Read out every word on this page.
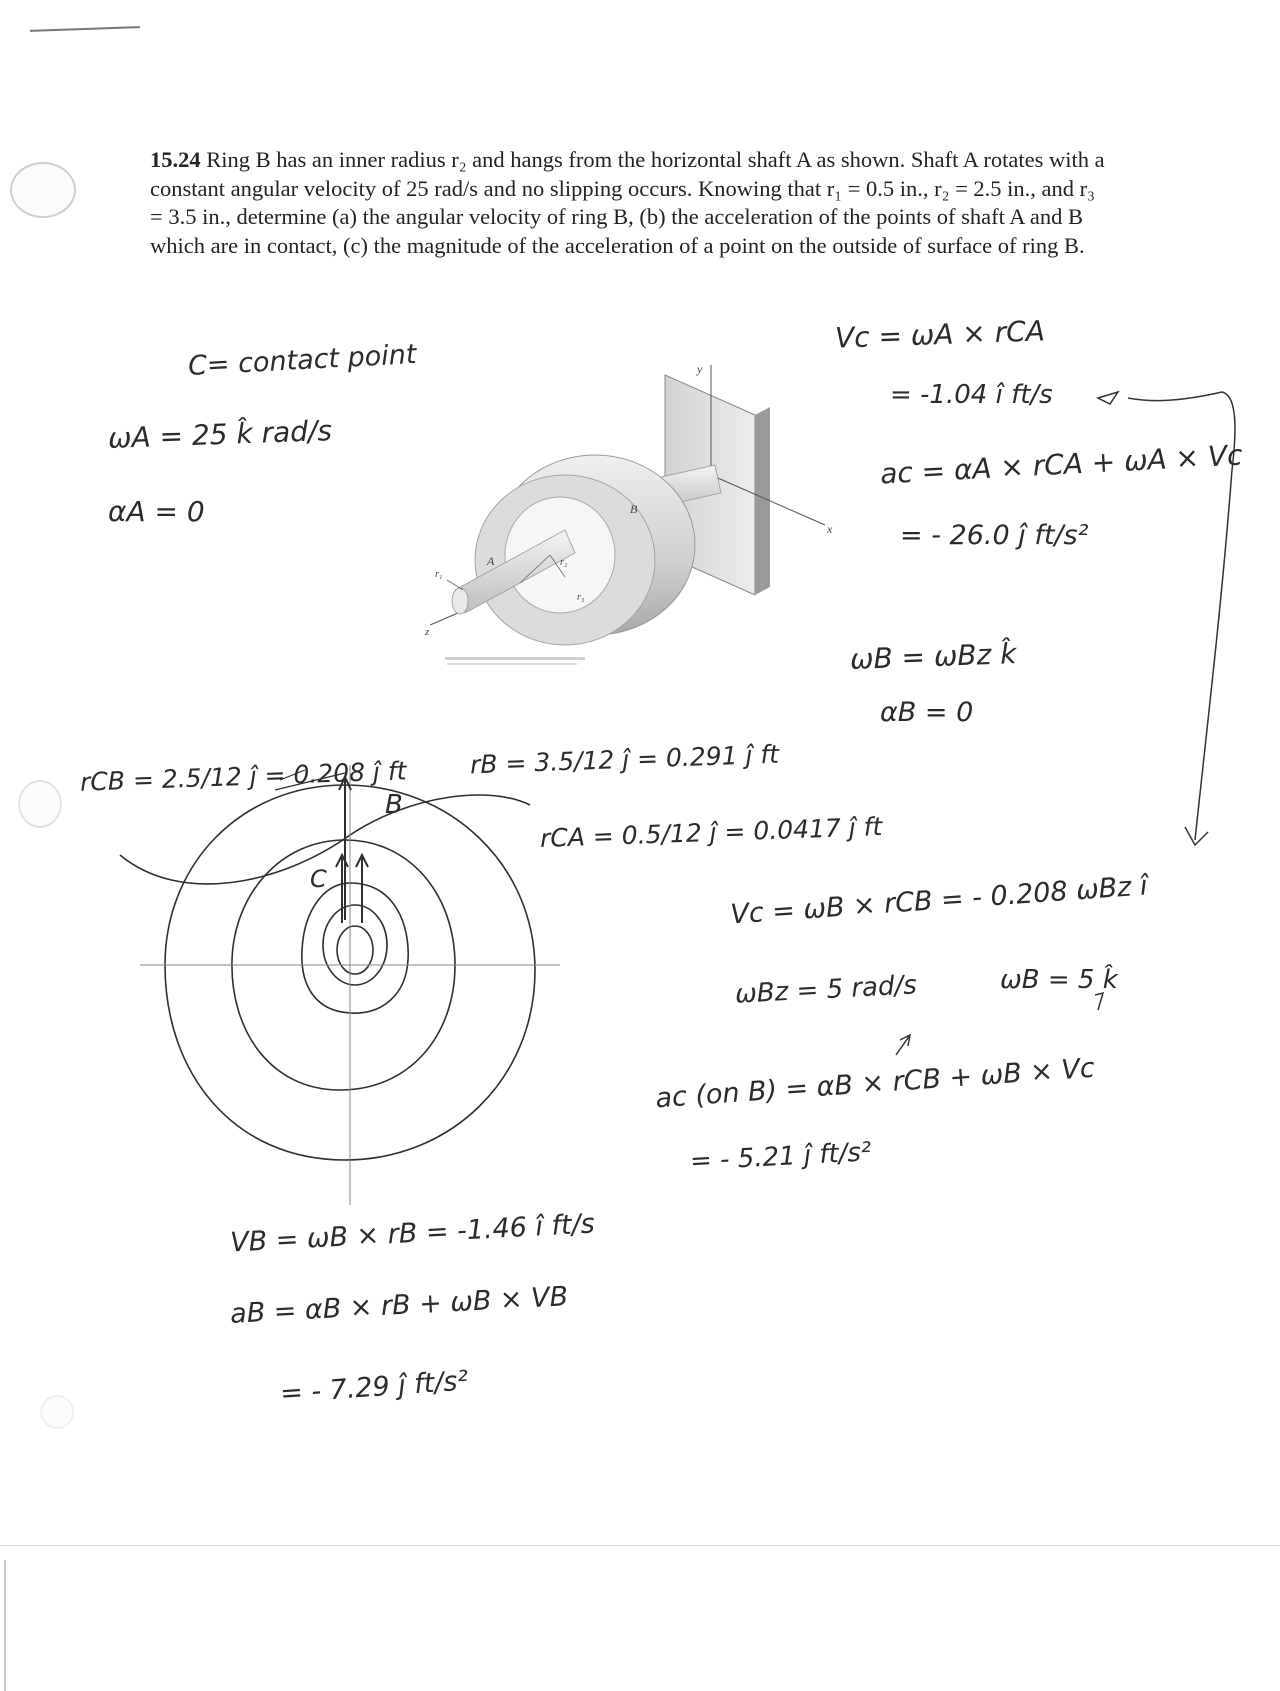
15.24 Ring B has an inner radius r₂ and hangs from the horizontal shaft A as shown. Shaft A rotates with a constant angular velocity of 25 rad/s and no slipping occurs. Knowing that r₁ = 0.5 in., r₂ = 2.5 in., and r₃ = 3.5 in., determine (a) the angular velocity of ring B, (b) the acceleration of the points of shaft A and B which are in contact, (c) the magnitude of the acceleration of a point on the outside of surface of ring B.
y
x
z
A
B
r₂
r₃
r₁
C= contact point
ωA = 25 k̂ rad/s
αA = 0
Vc = ωA × rCA
= -1.04 î ft/s
ac = αA × rCA + ωA × Vc
= - 26.0 ĵ ft/s²
ωB = ωBz k̂
αB = 0
rCB = 2.5/12 ĵ = 0.208 ĵ ft	rB = 3.5/12 ĵ = 0.291 ĵ ft
rCA = 0.5/12 ĵ = 0.0417 ĵ ft
B
C	Vc = ωB × rCB = - 0.208 ωBz î
ωBz = 5 rad/s	ωB = 5 k̂
ac (on B) = αB × rCB + ωB × Vc
= - 5.21 ĵ ft/s²
VB = ωB × rB = -1.46 î ft/s
aB = αB × rB + ωB × VB
= - 7.29 ĵ ft/s²
